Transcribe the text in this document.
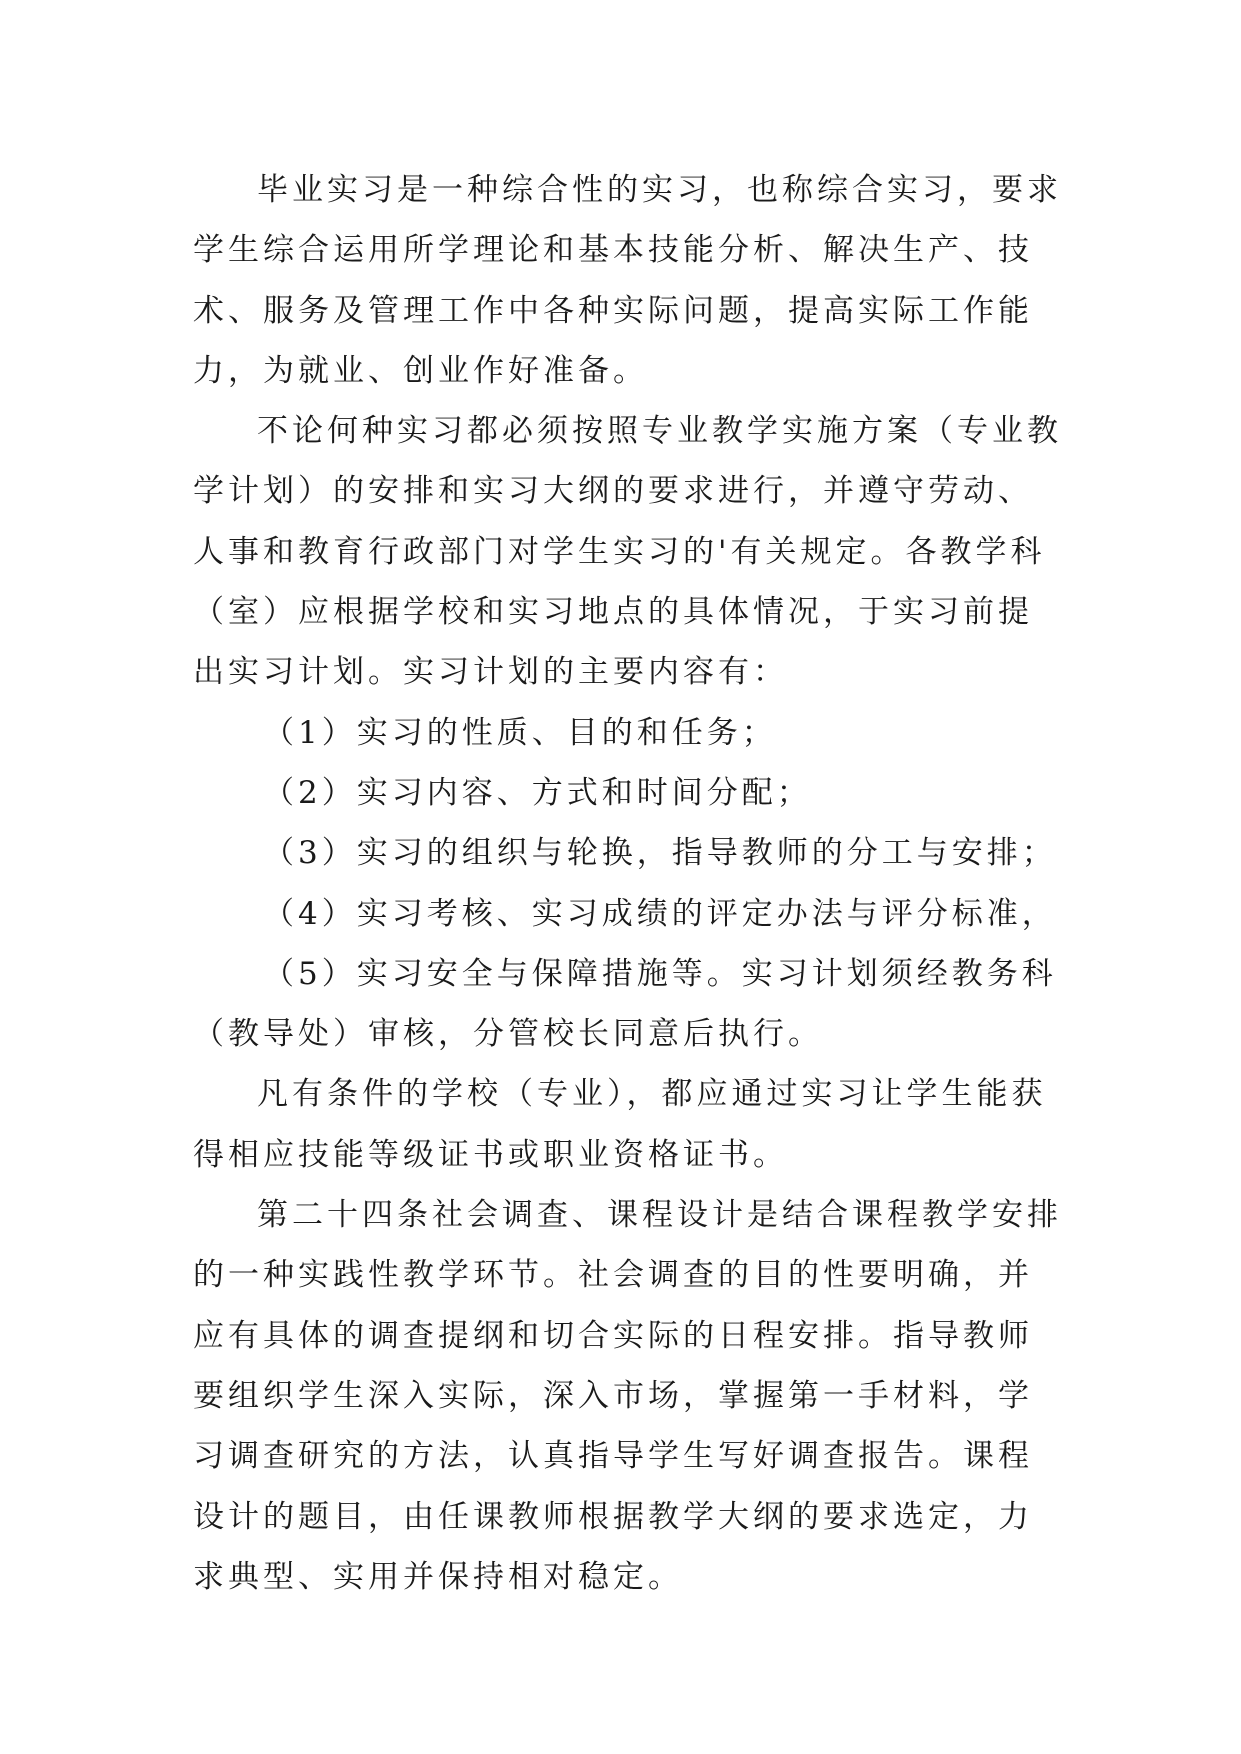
毕业实习是一种综合性的实习，也称综合实习，要求学生综合运用所学理论和基本技能分析、解决生产、技术、服务及管理工作中各种实际问题，提高实际工作能力，为就业、创业作好准备。

不论何种实习都必须按照专业教学实施方案（专业教学计划）的安排和实习大纲的要求进行，并遵守劳动、人事和教育行政部门对学生实习的'有关规定。各教学科（室）应根据学校和实习地点的具体情况，于实习前提出实习计划。实习计划的主要内容有：

（1）实习的性质、目的和任务；

（2）实习内容、方式和时间分配；

（3）实习的组织与轮换，指导教师的分工与安排；

（4）实习考核、实习成绩的评定办法与评分标准，

（5）实习安全与保障措施等。实习计划须经教务科（教导处）审核，分管校长同意后执行。

凡有条件的学校（专业），都应通过实习让学生能获得相应技能等级证书或职业资格证书。

第二十四条社会调查、课程设计是结合课程教学安排的一种实践性教学环节。社会调查的目的性要明确，并应有具体的调查提纲和切合实际的日程安排。指导教师要组织学生深入实际，深入市场，掌握第一手材料，学习调查研究的方法，认真指导学生写好调查报告。课程设计的题目，由任课教师根据教学大纲的要求选定，力求典型、实用并保持相对稳定。
